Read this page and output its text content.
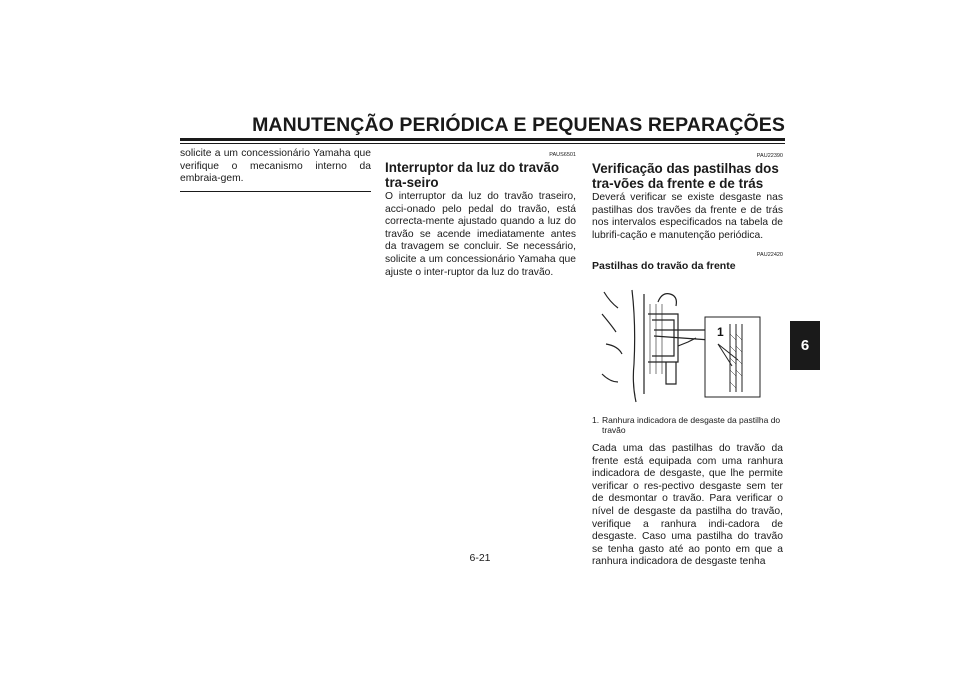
MANUTENÇÃO PERIÓDICA E PEQUENAS REPARAÇÕES

solicite a um concessionário Yamaha que verifique o mecanismo interno da embraia-gem.

PAUS6501
Interruptor da luz do travão tra-seiro

O interruptor da luz do travão traseiro, acci-onado pelo pedal do travão, está correcta-mente ajustado quando a luz do travão se acende imediatamente antes da travagem se concluir. Se necessário, solicite a um concessionário Yamaha que ajuste o inter-ruptor da luz do travão.

PAU22390
Verificação das pastilhas dos tra-vões da frente e de trás

Deverá verificar se existe desgaste nas pastilhas dos travões da frente e de trás nos intervalos especificados na tabela de lubrifi-cação e manutenção periódica.

PAU22420
Pastilhas do travão da frente
1
1. Ranhura indicadora de desgaste da pastilha do travão

Cada uma das pastilhas do travão da frente está equipada com uma ranhura indicadora de desgaste, que lhe permite verificar o res-pectivo desgaste sem ter de desmontar o travão. Para verificar o nível de desgaste da pastilha do travão, verifique a ranhura indi-cadora de desgaste. Caso uma pastilha do travão se tenha gasto até ao ponto em que a ranhura indicadora de desgaste tenha

6
6-21
